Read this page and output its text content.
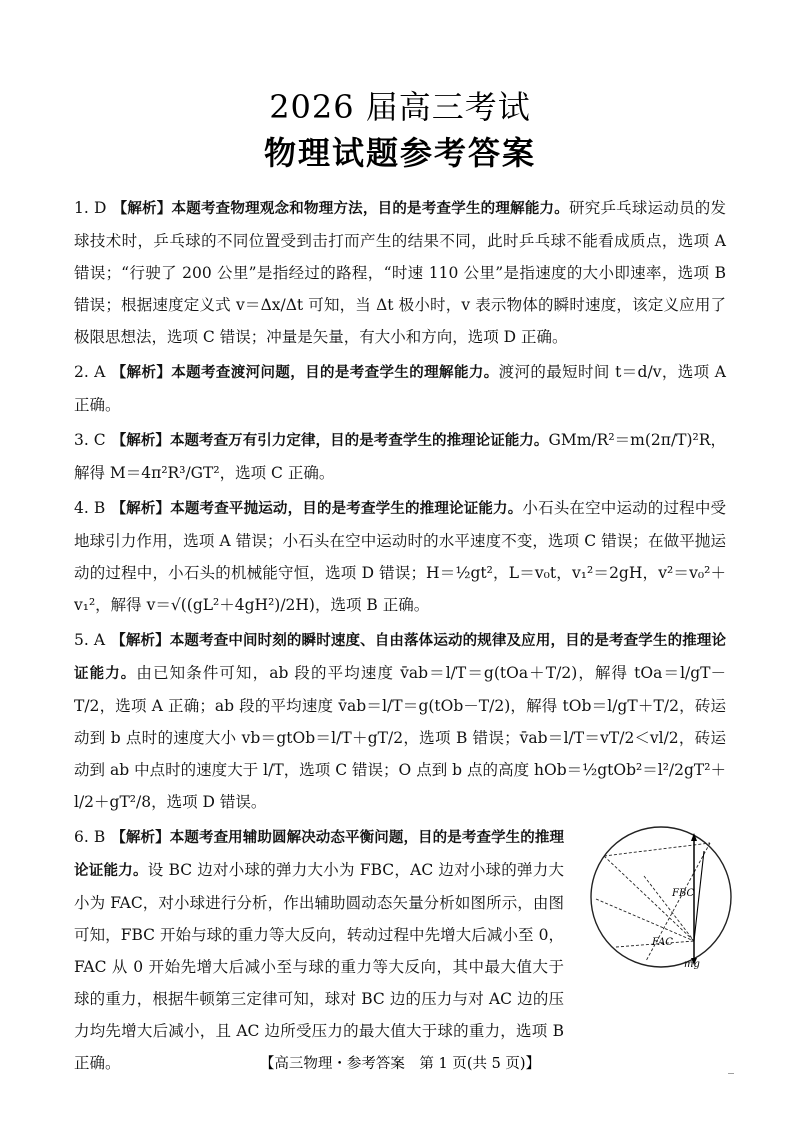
2026 届高三考试
物理试题参考答案

1. D 【解析】本题考查物理观念和物理方法，目的是考查学生的理解能力。研究乒乓球运动员的发球技术时，乒乓球的不同位置受到击打而产生的结果不同，此时乒乓球不能看成质点，选项 A 错误；“行驶了 200 公里”是指经过的路程，“时速 110 公里”是指速度的大小即速率，选项 B 错误；根据速度定义式 v＝Δx/Δt 可知，当 Δt 极小时，v 表示物体的瞬时速度，该定义应用了极限思想法，选项 C 错误；冲量是矢量，有大小和方向，选项 D 正确。

2. A 【解析】本题考查渡河问题，目的是考查学生的理解能力。渡河的最短时间 t＝d/v，选项 A 正确。

3. C 【解析】本题考查万有引力定律，目的是考查学生的推理论证能力。GMm/R²＝m(2π/T)²R，解得 M＝4π²R³/GT²，选项 C 正确。

4. B 【解析】本题考查平抛运动，目的是考查学生的推理论证能力。小石头在空中运动的过程中受地球引力作用，选项 A 错误；小石头在空中运动时的水平速度不变，选项 C 错误；在做平抛运动的过程中，小石头的机械能守恒，选项 D 错误；H＝½gt²，L＝v₀t，v₁²＝2gH，v²＝v₀²＋v₁²，解得 v＝√((gL²＋4gH²)/2H)，选项 B 正确。

5. A 【解析】本题考查中间时刻的瞬时速度、自由落体运动的规律及应用，目的是考查学生的推理论证能力。由已知条件可知，ab 段的平均速度 v̄ab＝l/T＝g(tOa＋T/2)，解得 tOa＝l/gT－T/2，选项 A 正确；ab 段的平均速度 v̄ab＝l/T＝g(tOb－T/2)，解得 tOb＝l/gT＋T/2，砖运动到 b 点时的速度大小 vb＝gtOb＝l/T＋gT/2，选项 B 错误；v̄ab＝l/T＝vT/2＜vl/2，砖运动到 ab 中点时的速度大于 l/T，选项 C 错误；O 点到 b 点的高度 hOb＝½gtOb²＝l²/2gT²＋l/2＋gT²/8，选项 D 错误。

6. B 【解析】本题考查用辅助圆解决动态平衡问题，目的是考查学生的推理论证能力。设 BC 边对小球的弹力大小为 FBC，AC 边对小球的弹力大小为 FAC，对小球进行分析，作出辅助圆动态矢量分析如图所示，由图可知，FBC 开始与球的重力等大反向，转动过程中先增大后减小至 0，FAC 从 0 开始先增大后减小至与球的重力等大反向，其中最大值大于球的重力，根据牛顿第三定律可知，球对 BC 边的压力与对 AC 边的压力均先增大后减小，且 AC 边所受压力的最大值大于球的重力，选项 B 正确。
FBC
FAC
mg
【高三物理・参考答案　第 1 页(共 5 页)】	_
